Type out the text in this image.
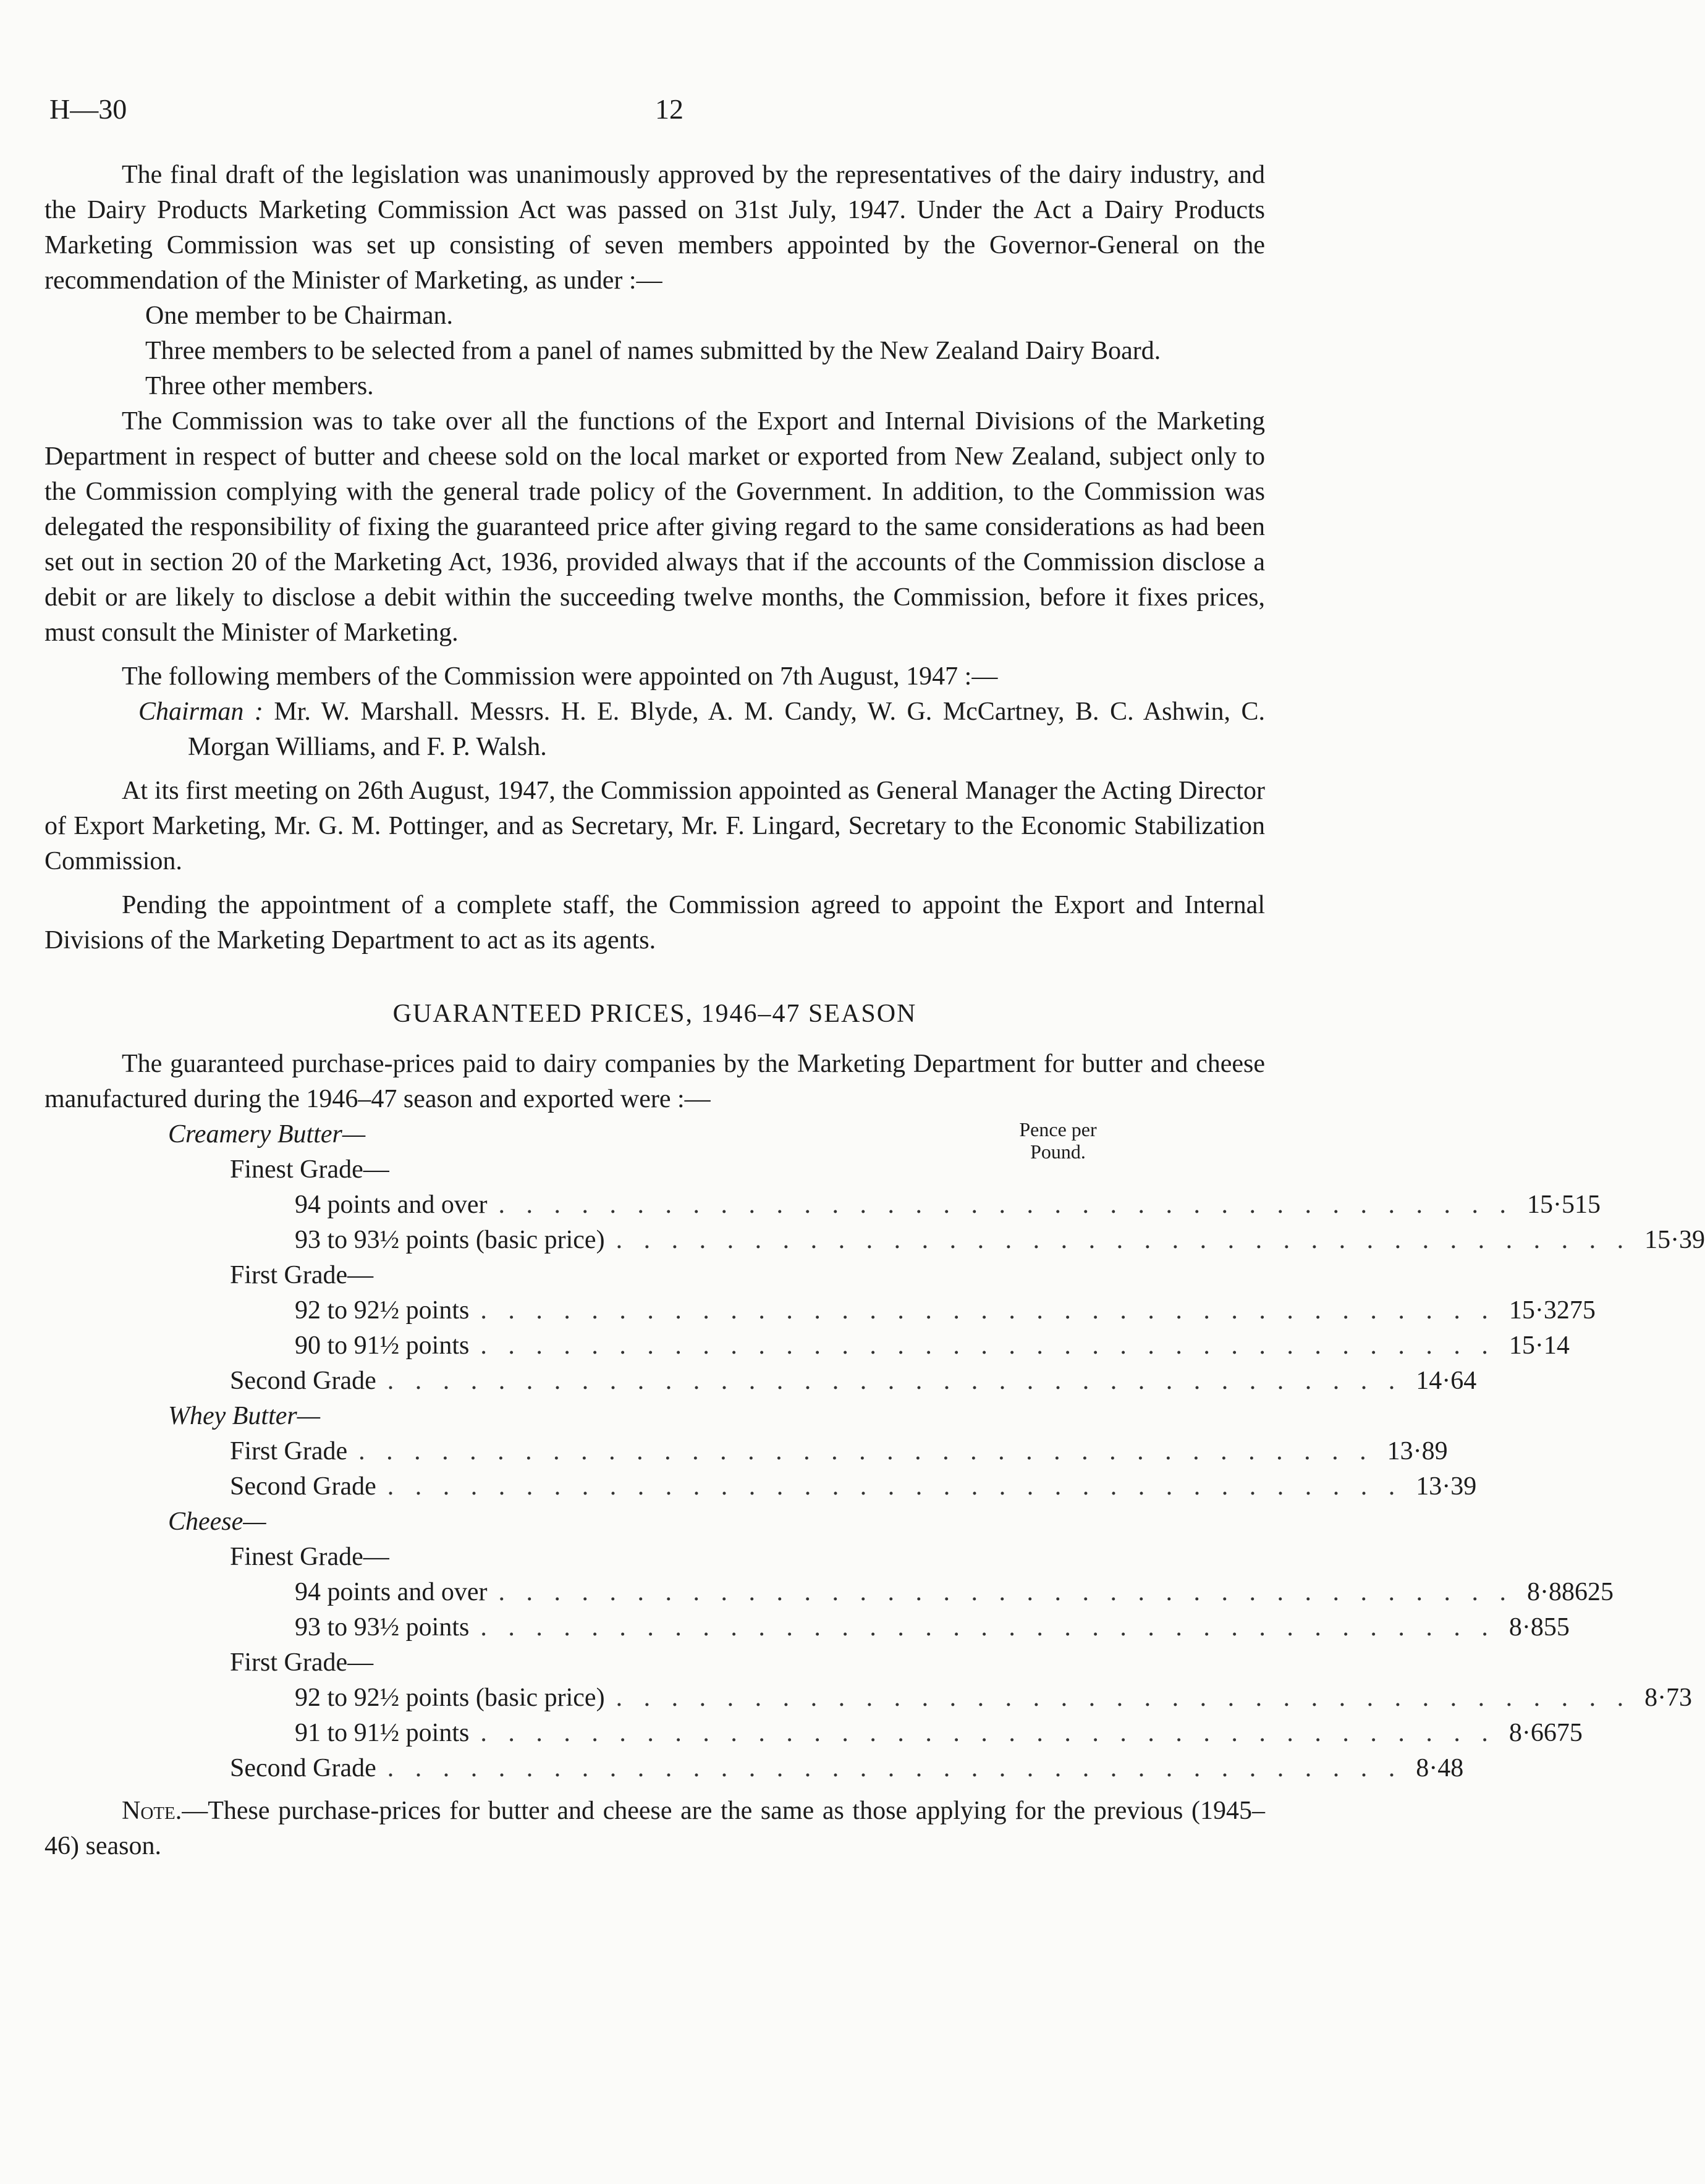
H—30	12

The final draft of the legislation was unanimously approved by the representatives of the dairy industry, and the Dairy Products Marketing Commission Act was passed on 31st July, 1947. Under the Act a Dairy Products Marketing Commission was set up consisting of seven members appointed by the Governor-General on the recommendation of the Minister of Marketing, as under :—

One member to be Chairman.
Three members to be selected from a panel of names submitted by the New Zealand Dairy Board.
Three other members.

The Commission was to take over all the functions of the Export and Internal Divisions of the Marketing Department in respect of butter and cheese sold on the local market or exported from New Zealand, subject only to the Commission complying with the general trade policy of the Government. In addition, to the Commission was delegated the responsibility of fixing the guaranteed price after giving regard to the same considerations as had been set out in section 20 of the Marketing Act, 1936, provided always that if the accounts of the Commission disclose a debit or are likely to disclose a debit within the succeeding twelve months, the Commission, before it fixes prices, must consult the Minister of Marketing.

The following members of the Commission were appointed on 7th August, 1947 :—

Chairman : Mr. W. Marshall. Messrs. H. E. Blyde, A. M. Candy, W. G. McCartney, B. C. Ashwin, C. Morgan Williams, and F. P. Walsh.

At its first meeting on 26th August, 1947, the Commission appointed as General Manager the Acting Director of Export Marketing, Mr. G. M. Pottinger, and as Secretary, Mr. F. Lingard, Secretary to the Economic Stabilization Commission.

Pending the appointment of a complete staff, the Commission agreed to appoint the Export and Internal Divisions of the Marketing Department to act as its agents.

GUARANTEED PRICES, 1946–47 SEASON

The guaranteed purchase-prices paid to dairy companies by the Marketing Department for butter and cheese manufactured during the 1946–47 season and exported were :—

Pence per
Pound.
Creamery Butter—
Finest Grade—
94 points and over . . . . . . . . . . . . . . . . . . . . . . . . . . . . . . . . . . . . . 15·515
93 to 93½ points (basic price) . . . . . . . . . . . . . . . . . . . . . . . . . . . . . . . . . . . . . 15·39
First Grade—
92 to 92½ points . . . . . . . . . . . . . . . . . . . . . . . . . . . . . . . . . . . . . 15·3275
90 to 91½ points . . . . . . . . . . . . . . . . . . . . . . . . . . . . . . . . . . . . . 15·14
Second Grade . . . . . . . . . . . . . . . . . . . . . . . . . . . . . . . . . . . . . 14·64
Whey Butter—
First Grade . . . . . . . . . . . . . . . . . . . . . . . . . . . . . . . . . . . . . 13·89
Second Grade . . . . . . . . . . . . . . . . . . . . . . . . . . . . . . . . . . . . . 13·39
Cheese—
Finest Grade—
94 points and over . . . . . . . . . . . . . . . . . . . . . . . . . . . . . . . . . . . . . 8·88625
93 to 93½ points . . . . . . . . . . . . . . . . . . . . . . . . . . . . . . . . . . . . . 8·855
First Grade—
92 to 92½ points (basic price) . . . . . . . . . . . . . . . . . . . . . . . . . . . . . . . . . . . . . 8·73
91 to 91½ points . . . . . . . . . . . . . . . . . . . . . . . . . . . . . . . . . . . . . 8·6675
Second Grade . . . . . . . . . . . . . . . . . . . . . . . . . . . . . . . . . . . . . 8·48

Note.—These purchase-prices for butter and cheese are the same as those applying for the previous (1945–46) season.
